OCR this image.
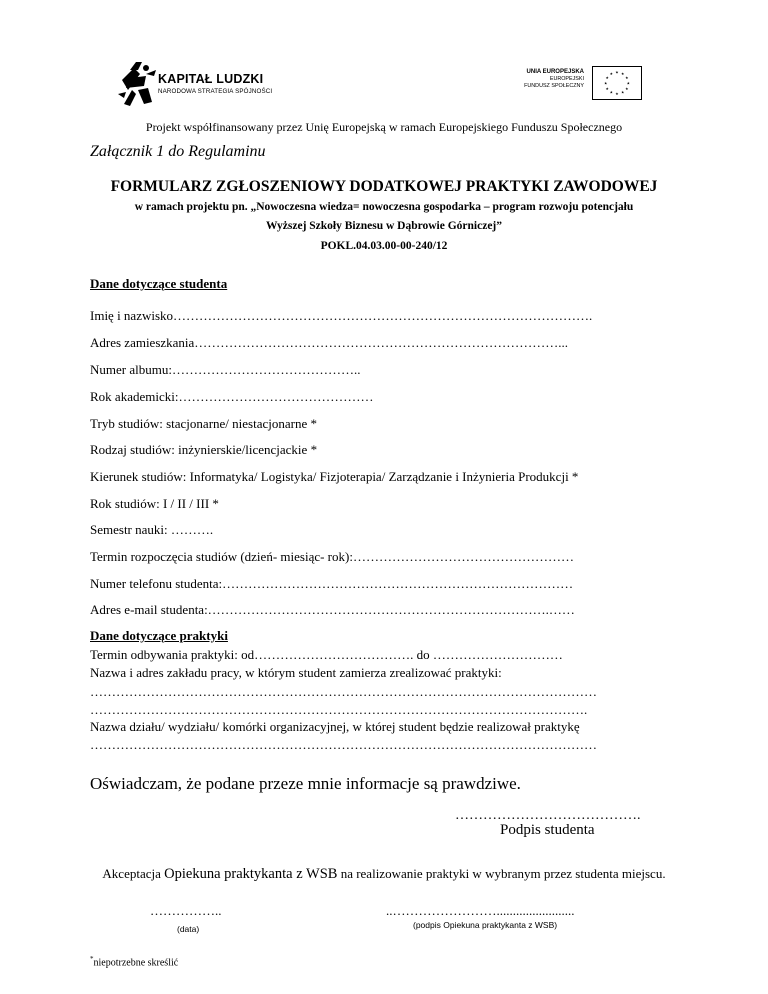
KAPITAŁ LUDZKI
NARODOWA STRATEGIA SPÓJNOŚCI
UNIA EUROPEJSKA
EUROPEJSKI
FUNDUSZ SPOŁECZNY
★ ★
★
★
★
★
★
★
★
★
★
★
Projekt współfinansowany przez Unię Europejską w ramach Europejskiego Funduszu Społecznego
Załącznik 1 do Regulaminu
FORMULARZ ZGŁOSZENIOWY DODATKOWEJ PRAKTYKI ZAWODOWEJ
w ramach projektu pn. „Nowoczesna wiedza= nowoczesna gospodarka – program rozwoju potencjału
Wyższej Szkoły Biznesu w Dąbrowie Górniczej”
POKL.04.03.00-00-240/12
Dane dotyczące studenta
Imię i nazwisko…………………………………………………………………………………….
Adres zamieszkania…………………………………………………………………………...
Numer albumu:……………………………………..
Rok akademicki:………………………………………
Tryb studiów: stacjonarne/ niestacjonarne *
Rodzaj studiów: inżynierskie/licencjackie *
Kierunek studiów: Informatyka/ Logistyka/ Fizjoterapia/ Zarządzanie i Inżynieria Produkcji *
Rok studiów: I / II / III *
Semestr nauki: ……….
Termin rozpoczęcia studiów (dzień- miesiąc- rok):……………………………………………
Numer telefonu studenta:………………………………………………………………………
Adres e-mail studenta:…………………………………………………………………….……
Dane dotyczące praktyki
Termin odbywania praktyki: od………………………………. do …………………………
Nazwa i adres zakładu pracy, w którym student zamierza zrealizować praktyki:
………………………………………………………………………………………………………
…………………………………………………………………………………………………….
Nazwa działu/ wydziału/ komórki organizacyjnej, w której student będzie realizował praktykę
………………………………………………………………………………………………………
Oświadczam, że podane przeze mnie informacje są prawdziwe.
………………………………….
Podpis studenta
Akceptacja Opiekuna praktykanta z WSB na realizowanie praktyki w wybranym przez studenta miejscu.
……………..	..……………………........................
(data)	(podpis Opiekuna praktykanta z WSB)
*niepotrzebne skreślić
